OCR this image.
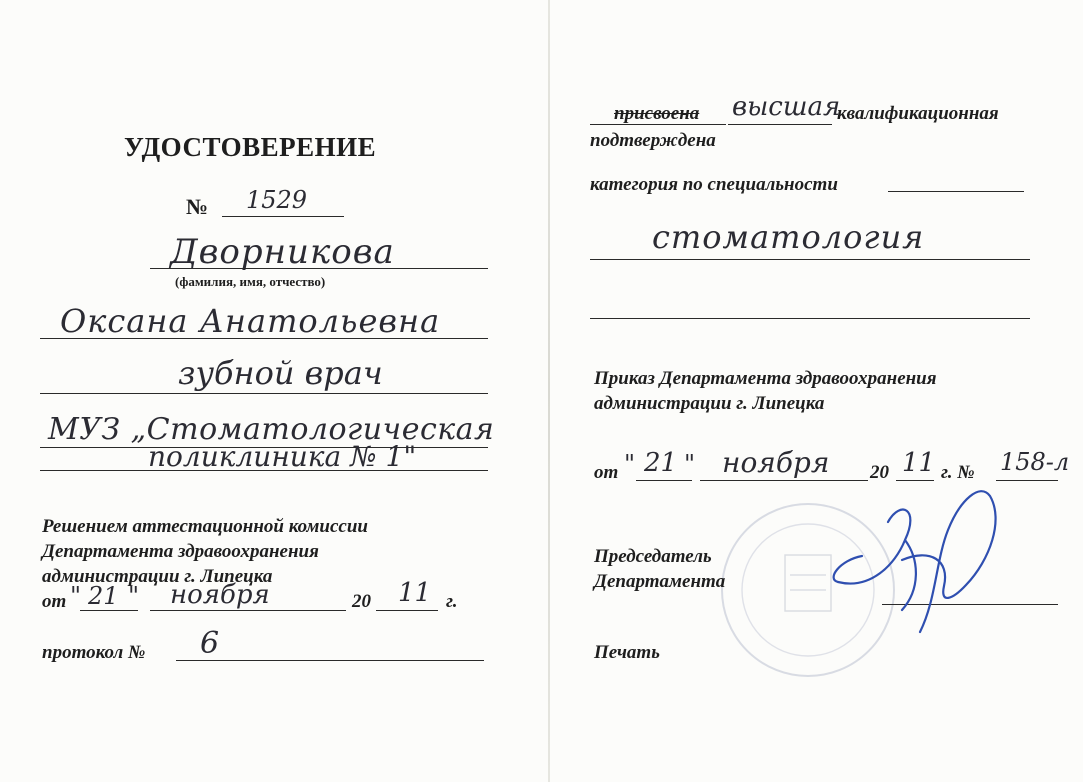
УДОСТОВЕРЕНИЕ
№ 1529
Дворникова
(фамилия, имя, отчество)
Оксана Анатольевна
зубной врач
МУЗ „Стоматологическая
поликлиника № 1"
Решением аттестационной комиссии
Департамента здравоохранения
администрации г. Липецка
от " 21 " ноября	20 11 г.
протокол № 6
присвоена высшая
квалификационная
подтверждена
категория по специальности
стоматология
Приказ Департамента здравоохранения
администрации г. Липецка
от " 21 " ноября 20 11 г. № 158-л
Председатель
Департамента
Печать
